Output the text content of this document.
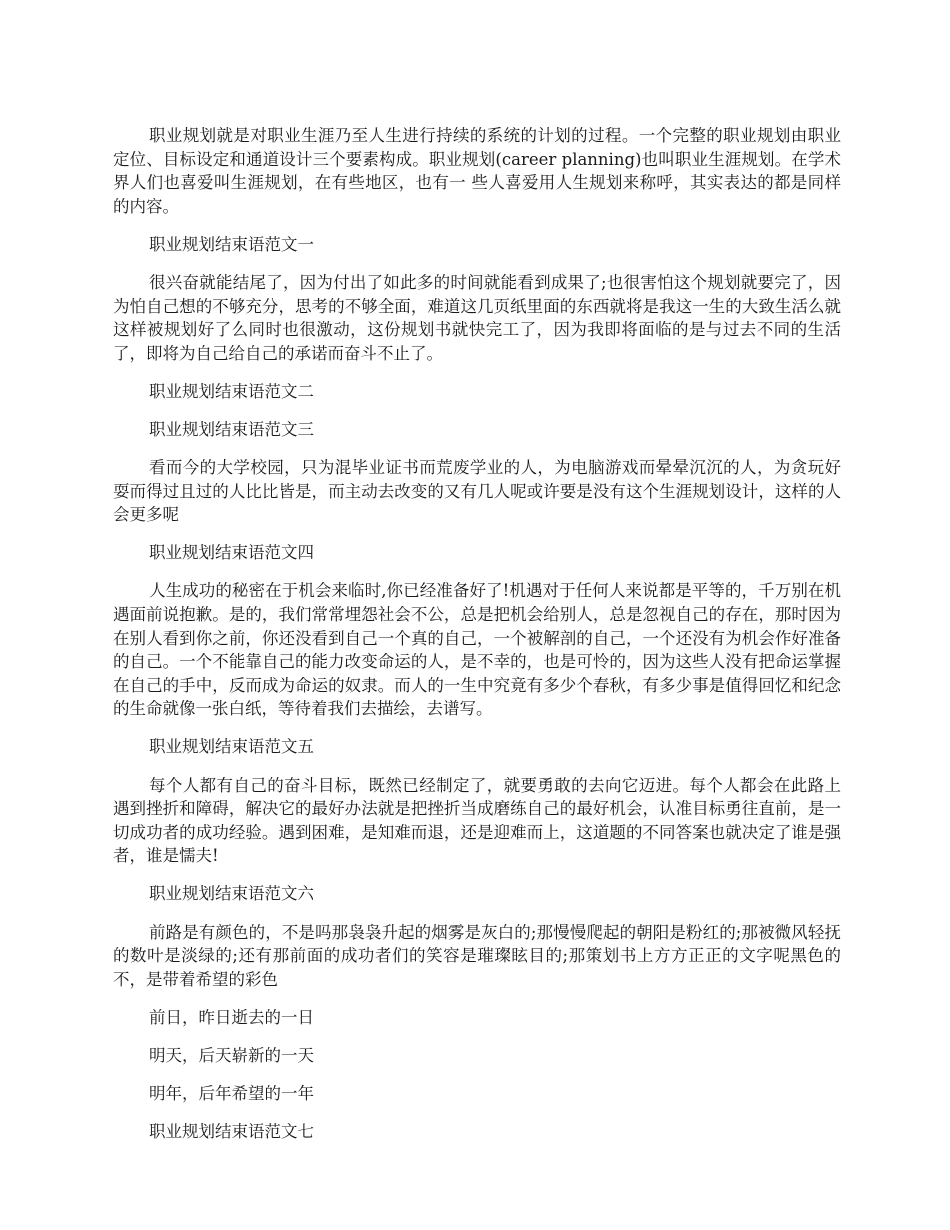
职业规划就是对职业生涯乃至人生进行持续的系统的计划的过程。一个完整的职业规划由职业定位、目标设定和通道设计三个要素构成。职业规划(career planning)也叫职业生涯规划。在学术界人们也喜爱叫生涯规划，在有些地区，也有一 些人喜爱用人生规划来称呼，其实表达的都是同样的内容。

职业规划结束语范文一

很兴奋就能结尾了，因为付出了如此多的时间就能看到成果了;也很害怕这个规划就要完了，因为怕自己想的不够充分，思考的不够全面，难道这几页纸里面的东西就将是我这一生的大致生活么就这样被规划好了么同时也很激动，这份规划书就快完工了，因为我即将面临的是与过去不同的生活了，即将为自己给自己的承诺而奋斗不止了。

职业规划结束语范文二

职业规划结束语范文三

看而今的大学校园，只为混毕业证书而荒废学业的人，为电脑游戏而晕晕沉沉的人，为贪玩好耍而得过且过的人比比皆是，而主动去改变的又有几人呢或许要是没有这个生涯规划设计，这样的人会更多呢

职业规划结束语范文四

人生成功的秘密在于机会来临时,你已经准备好了!机遇对于任何人来说都是平等的，千万别在机遇面前说抱歉。是的，我们常常埋怨社会不公，总是把机会给别人，总是忽视自己的存在，那时因为在别人看到你之前，你还没看到自己一个真的自己，一个被解剖的自己，一个还没有为机会作好准备的自己。一个不能靠自己的能力改变命运的人，是不幸的，也是可怜的，因为这些人没有把命运掌握在自己的手中，反而成为命运的奴隶。而人的一生中究竟有多少个春秋，有多少事是值得回忆和纪念的生命就像一张白纸，等待着我们去描绘，去谱写。

职业规划结束语范文五

每个人都有自己的奋斗目标，既然已经制定了，就要勇敢的去向它迈进。每个人都会在此路上遇到挫折和障碍，解决它的最好办法就是把挫折当成磨练自己的最好机会，认准目标勇往直前，是一切成功者的成功经验。遇到困难，是知难而退，还是迎难而上，这道题的不同答案也就决定了谁是强者，谁是懦夫!

职业规划结束语范文六

前路是有颜色的，不是吗那袅袅升起的烟雾是灰白的;那慢慢爬起的朝阳是粉红的;那被微风轻抚的数叶是淡绿的;还有那前面的成功者们的笑容是璀璨眩目的;那策划书上方方正正的文字呢黑色的不，是带着希望的彩色

前日，昨日逝去的一日

明天，后天崭新的一天

明年，后年希望的一年

职业规划结束语范文七
